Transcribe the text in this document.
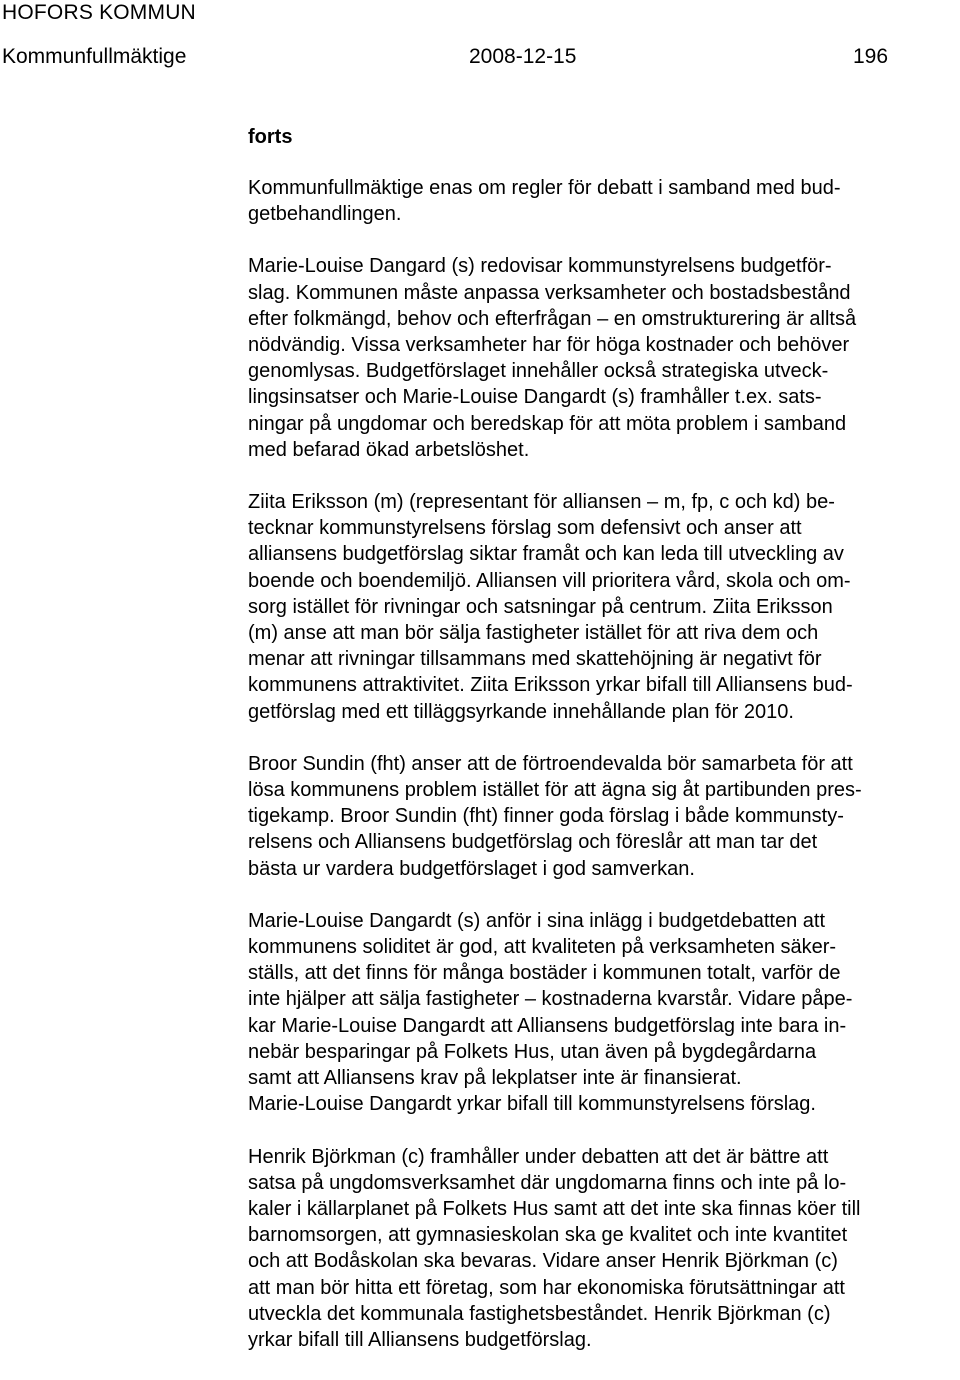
HOFORS KOMMUN
Kommunfullmäktige	2008-12-15	196
forts

Kommunfullmäktige enas om regler för debatt i samband med bud-
getbehandlingen.

Marie-Louise Dangard (s) redovisar kommunstyrelsens budgetför-
slag. Kommunen måste anpassa verksamheter och bostadsbestånd
efter folkmängd, behov och efterfrågan – en omstrukturering är alltså
nödvändig. Vissa verksamheter har för höga kostnader och behöver
genomlysas. Budgetförslaget innehåller också strategiska utveck-
lingsinsatser och Marie-Louise Dangardt (s) framhåller t.ex. sats-
ningar på ungdomar och beredskap för att möta problem i samband
med befarad ökad arbetslöshet.

Ziita Eriksson (m) (representant för alliansen – m, fp, c och kd) be-
tecknar kommunstyrelsens förslag som defensivt och anser att
alliansens budgetförslag siktar framåt och kan leda till utveckling av
boende och boendemiljö. Alliansen vill prioritera vård, skola och om-
sorg istället för rivningar och satsningar på centrum. Ziita Eriksson
(m) anse att man bör sälja fastigheter istället för att riva dem och
menar att rivningar tillsammans med skattehöjning är negativt för
kommunens attraktivitet. Ziita Eriksson yrkar bifall till Alliansens bud-
getförslag med ett tilläggsyrkande innehållande plan för 2010.

Broor Sundin (fht) anser att de förtroendevalda bör samarbeta för att
lösa kommunens problem istället för att ägna sig åt partibunden pres-
tigekamp. Broor Sundin (fht) finner goda förslag i både kommunsty-
relsens och Alliansens budgetförslag och föreslår att man tar det
bästa ur vardera budgetförslaget i god samverkan.

Marie-Louise Dangardt (s) anför i sina inlägg i budgetdebatten att
kommunens soliditet är god, att kvaliteten på verksamheten säker-
ställs, att det finns för många bostäder i kommunen totalt, varför de
inte hjälper att sälja fastigheter – kostnaderna kvarstår. Vidare påpe-
kar Marie-Louise Dangardt att Alliansens budgetförslag inte bara in-
nebär besparingar på Folkets Hus, utan även på bygdegårdarna
samt att Alliansens krav på lekplatser inte är finansierat.
Marie-Louise Dangardt yrkar bifall till kommunstyrelsens förslag.

Henrik Björkman (c) framhåller under debatten att det är bättre att
satsa på ungdomsverksamhet där ungdomarna finns och inte på lo-
kaler i källarplanet på Folkets Hus samt att det inte ska finnas köer till
barnomsorgen, att gymnasieskolan ska ge kvalitet och inte kvantitet
och att Bodåskolan ska bevaras. Vidare anser Henrik Björkman (c)
att man bör hitta ett företag, som har ekonomiska förutsättningar att
utveckla det kommunala fastighetsbeståndet. Henrik Björkman (c)
yrkar bifall till Alliansens budgetförslag.
